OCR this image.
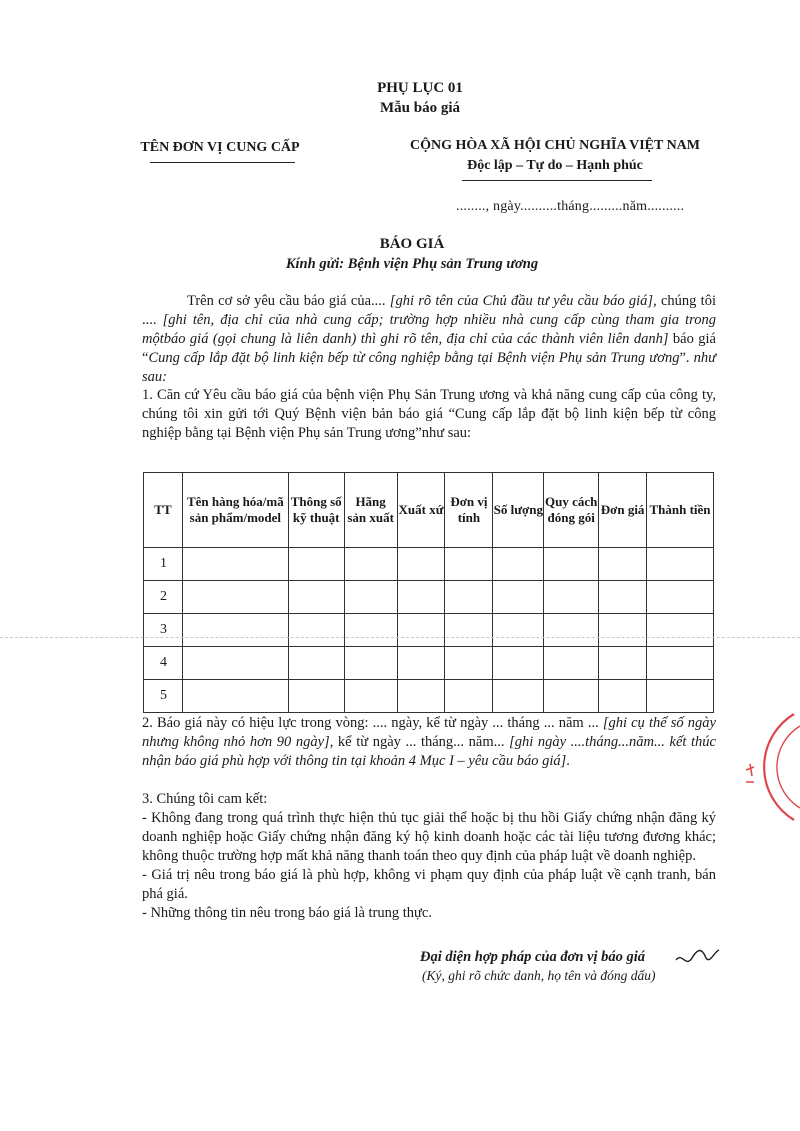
PHỤ LỤC 01
Mẫu báo giá
TÊN ĐƠN VỊ CUNG CẤP	CỘNG HÒA XÃ HỘI CHỦ NGHĨA VIỆT NAM
Độc lập – Tự do – Hạnh phúc
........, ngày..........tháng.........năm..........
BÁO GIÁ
Kính gửi: Bệnh viện Phụ sản Trung ương
Trên cơ sở yêu cầu báo giá của.... [ghi rõ tên của Chủ đầu tư yêu cầu báo giá], chúng tôi .... [ghi tên, địa chỉ của nhà cung cấp; trường hợp nhiều nhà cung cấp cùng tham gia trong mộtbáo giá (gọi chung là liên danh) thì ghi rõ tên, địa chỉ của các thành viên liên danh] báo giá “Cung cấp lắp đặt bộ linh kiện bếp từ công nghiệp bằng tại Bệnh viện Phụ sản Trung ương”. như sau:
1. Căn cứ Yêu cầu báo giá của bệnh viện Phụ Sản Trung ương và khả năng cung cấp của công ty, chúng tôi xin gửi tới Quý Bệnh viện bản báo giá “Cung cấp lắp đặt bộ linh kiện bếp từ công nghiệp bằng tại Bệnh viện Phụ sản Trung ương”như sau:
TT	Tên hàng hóa/mã sản phẩm/model	Thông số kỹ thuật	Hãng sản xuất	Xuất xứ	Đơn vị tính	Số lượng	Quy cách đóng gói	Đơn giá	Thành tiền
1									
2									
3									
4									
5									
2. Báo giá này có hiệu lực trong vòng: .... ngày, kể từ ngày ... tháng ... năm ... [ghi cụ thể số ngày nhưng không nhỏ hơn 90 ngày], kể từ ngày ... tháng... năm... [ghi ngày ....tháng...năm... kết thúc nhận báo giá phù hợp với thông tin tại khoản 4 Mục I – yêu cầu báo giá].
3. Chúng tôi cam kết:
- Không đang trong quá trình thực hiện thủ tục giải thể hoặc bị thu hồi Giấy chứng nhận đăng ký doanh nghiệp hoặc Giấy chứng nhận đăng ký hộ kinh doanh hoặc các tài liệu tương đương khác; không thuộc trường hợp mất khả năng thanh toán theo quy định của pháp luật về doanh nghiệp.
- Giá trị nêu trong báo giá là phù hợp, không vi phạm quy định của pháp luật về cạnh tranh, bán phá giá.
- Những thông tin nêu trong báo giá là trung thực.
Đại diện hợp pháp của đơn vị báo giá
(Ký, ghi rõ chức danh, họ tên và đóng dấu)
